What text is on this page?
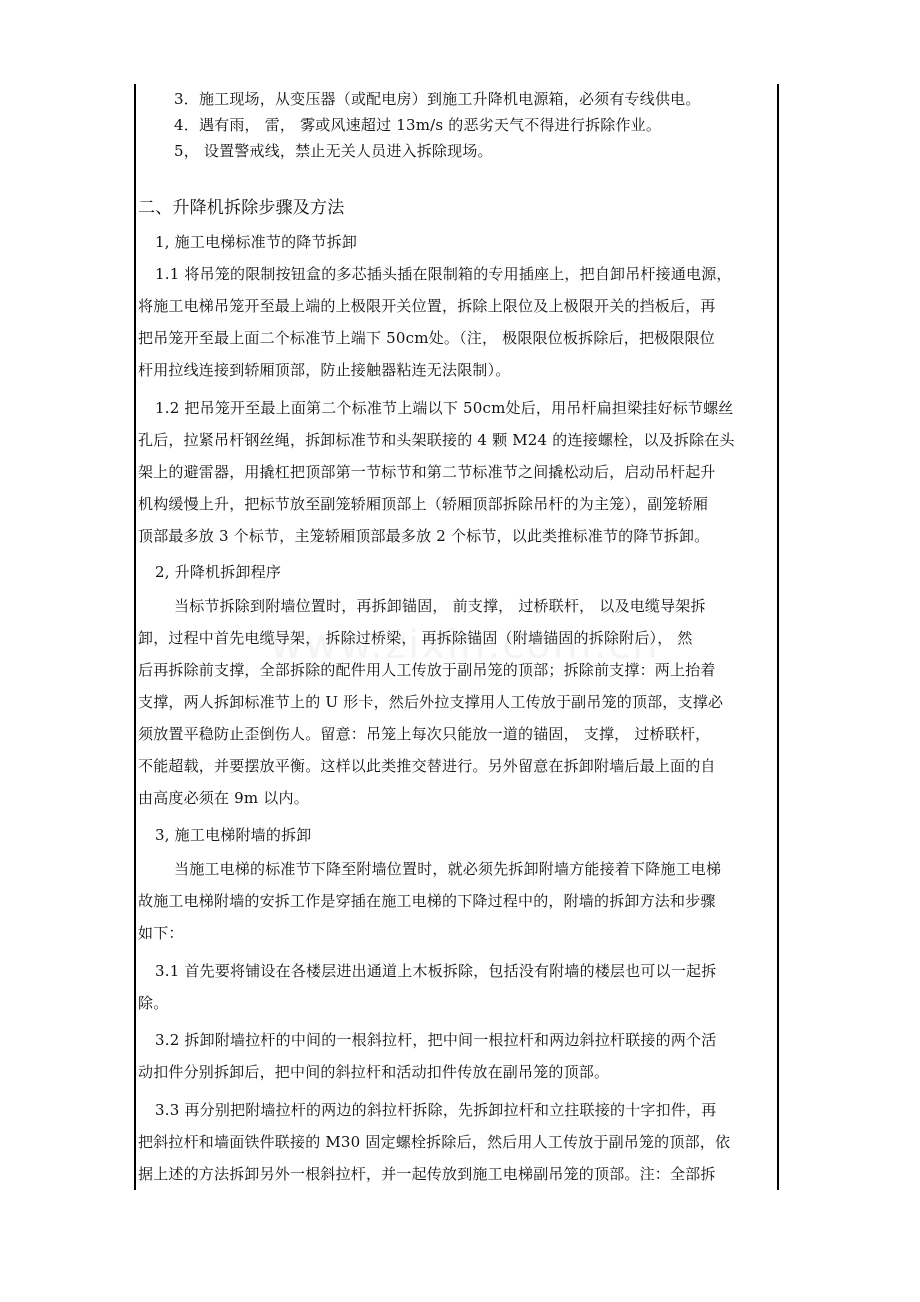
3．施工现场，从变压器（或配电房）到施工升降机电源箱，必须有专线供电。
4．遇有雨， 雷， 雾或风速超过 13m/s 的恶劣天气不得进行拆除作业。
5， 设置警戒线，禁止无关人员进入拆除现场。
二、升降机拆除步骤及方法
1, 施工电梯标准节的降节拆卸
1.1 将吊笼的限制按钮盒的多芯插头插在限制箱的专用插座上，把自卸吊杆接通电源，
将施工电梯吊笼开至最上端的上极限开关位置，拆除上限位及上极限开关的挡板后，再
把吊笼开至最上面二个标准节上端下 50cm处。（注， 极限限位板拆除后，把极限限位
杆用拉线连接到轿厢顶部，防止接触器粘连无法限制）。
1.2 把吊笼开至最上面第二个标准节上端以下 50cm处后，用吊杆扁担梁挂好标节螺丝
孔后，拉紧吊杆钢丝绳，拆卸标准节和头架联接的 4 颗 M24 的连接螺栓，以及拆除在头
架上的避雷器，用撬杠把顶部第一节标节和第二节标准节之间撬松动后，启动吊杆起升
机构缓慢上升，把标节放至副笼轿厢顶部上（轿厢顶部拆除吊杆的为主笼），副笼轿厢
顶部最多放 3 个标节，主笼轿厢顶部最多放 2 个标节，以此类推标准节的降节拆卸。
2, 升降机拆卸程序
当标节拆除到附墙位置时，再拆卸锚固， 前支撑， 过桥联杆， 以及电缆导架拆
卸，过程中首先电缆导架， 拆除过桥梁， 再拆除锚固（附墙锚固的拆除附后）， 然
后再拆除前支撑，全部拆除的配件用人工传放于副吊笼的顶部；拆除前支撑：两上抬着
支撑，两人拆卸标准节上的 U 形卡，然后外拉支撑用人工传放于副吊笼的顶部，支撑必
须放置平稳防止歪倒伤人。留意：吊笼上每次只能放一道的锚固， 支撑， 过桥联杆，
不能超载，并要摆放平衡。这样以此类推交替进行。另外留意在拆卸附墙后最上面的自
由高度必须在 9m 以内。
3, 施工电梯附墙的拆卸
当施工电梯的标准节下降至附墙位置时，就必须先拆卸附墙方能接着下降施工电梯
故施工电梯附墙的安拆工作是穿插在施工电梯的下降过程中的，附墙的拆卸方法和步骤
如下：
3.1 首先要将铺设在各楼层进出通道上木板拆除，包括没有附墙的楼层也可以一起拆
除。
3.2 拆卸附墙拉杆的中间的一根斜拉杆，把中间一根拉杆和两边斜拉杆联接的两个活
动扣件分别拆卸后，把中间的斜拉杆和活动扣件传放在副吊笼的顶部。
3.3 再分别把附墙拉杆的两边的斜拉杆拆除，先拆卸拉杆和立拄联接的十字扣件，再
把斜拉杆和墙面铁件联接的 M30 固定螺栓拆除后，然后用人工传放于副吊笼的顶部，依
据上述的方法拆卸另外一根斜拉杆，并一起传放到施工电梯副吊笼的顶部。注：全部拆
